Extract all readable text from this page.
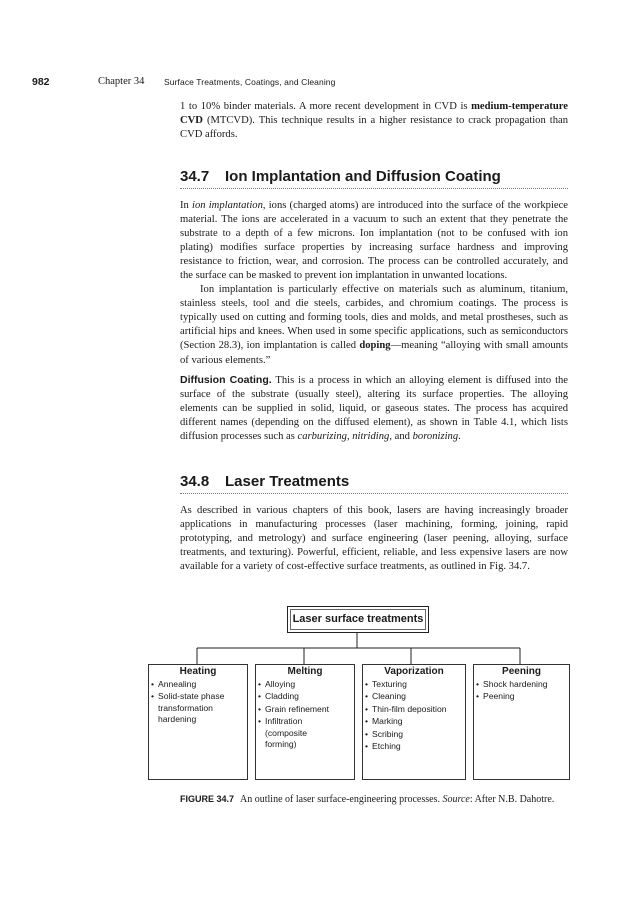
982	Chapter 34 Surface Treatments, Coatings, and Cleaning

1 to 10% binder materials. A more recent development in CVD is medium-temperature CVD (MTCVD). This technique results in a higher resistance to crack propagation than CVD affords.

34.7 Ion Implantation and Diffusion Coating

In ion implantation, ions (charged atoms) are introduced into the surface of the workpiece material. The ions are accelerated in a vacuum to such an extent that they penetrate the substrate to a depth of a few microns. Ion implantation (not to be confused with ion plating) modifies surface properties by increasing surface hardness and improving resistance to friction, wear, and corrosion. The process can be controlled accurately, and the surface can be masked to prevent ion implantation in unwanted locations.

Ion implantation is particularly effective on materials such as aluminum, titanium, stainless steels, tool and die steels, carbides, and chromium coatings. The process is typically used on cutting and forming tools, dies and molds, and metal prostheses, such as artificial hips and knees. When used in some specific applications, such as semiconductors (Section 28.3), ion implantation is called doping—meaning “alloying with small amounts of various elements.”

Diffusion Coating. This is a process in which an alloying element is diffused into the surface of the substrate (usually steel), altering its surface properties. The alloying elements can be supplied in solid, liquid, or gaseous states. The process has acquired different names (depending on the diffused element), as shown in Table 4.1, which lists diffusion processes such as carburizing, nitriding, and boronizing.

34.8 Laser Treatments

As described in various chapters of this book, lasers are having increasingly broader applications in manufacturing processes (laser machining, forming, joining, rapid prototyping, and metrology) and surface engineering (laser peening, alloying, surface treatments, and texturing). Powerful, efficient, reliable, and less expensive lasers are now available for a variety of cost-effective surface treatments, as outlined in Fig. 34.7.

Laser surface treatments
Heating
• Annealing
• Solid-state phase
transformation
hardening
Melting
• Alloying
• Cladding
• Grain refinement
• Infiltration
(composite
forming)
Vaporization
• Texturing
• Cleaning
• Thin-film deposition
• Marking
• Scribing
• Etching
Peening
• Shock hardening
• Peening
FIGURE 34.7 An outline of laser surface-engineering processes. Source: After N.B. Dahotre.
